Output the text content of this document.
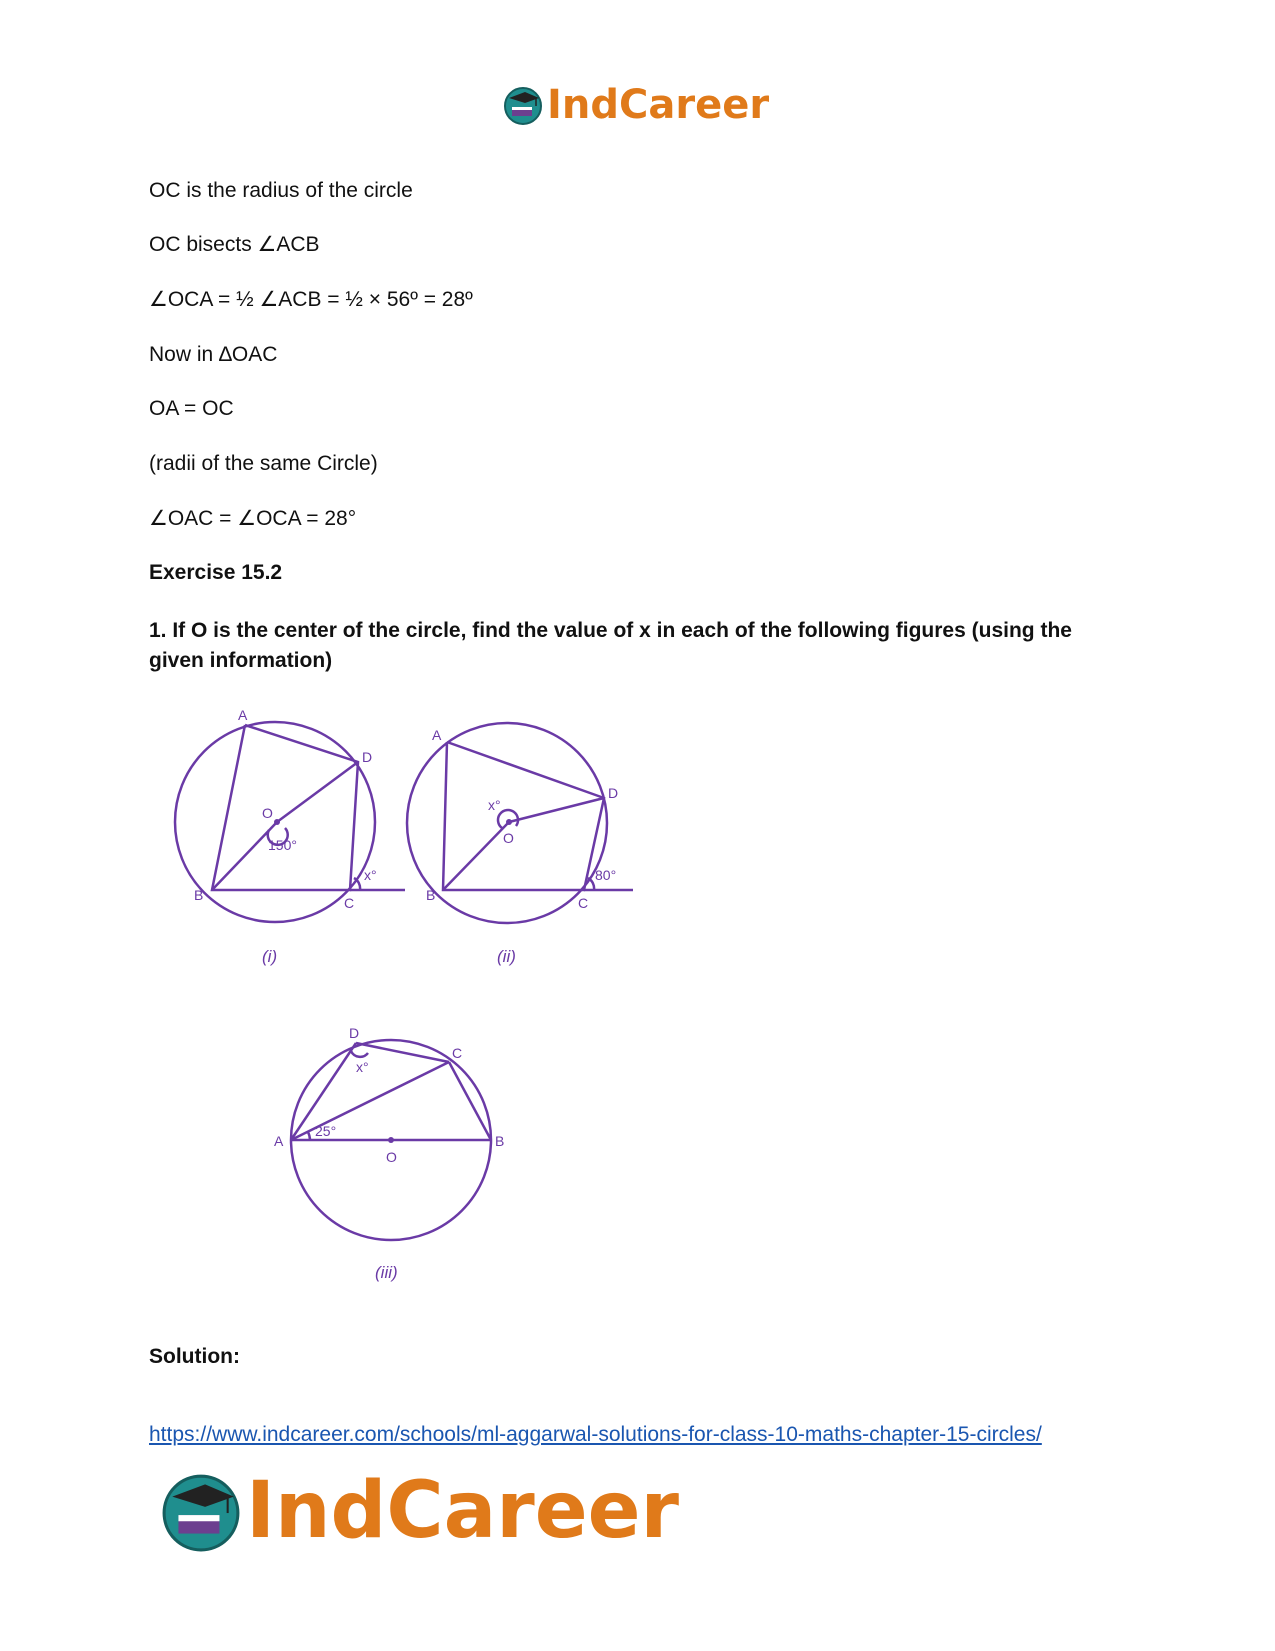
IndCareer
OC is the radius of the circle
OC bisects ∠ACB
∠OCA = ½ ∠ACB = ½ × 56º = 28º
Now in ∆OAC
OA = OC
(radii of the same Circle)
∠OAC = ∠OCA = 28°
Exercise 15.2
1. If O is the center of the circle, find the value of x in each of the following figures (using the given information)
A
D
O
150°
B	C
x°
(i)
A
D
x°
O
B	C
80°
(ii)
D
C
x°
A
25°
B
O
(iii)
Solution:
https://www.indcareer.com/schools/ml-aggarwal-solutions-for-class-10-maths-chapter-15-circles/
IndCareer
